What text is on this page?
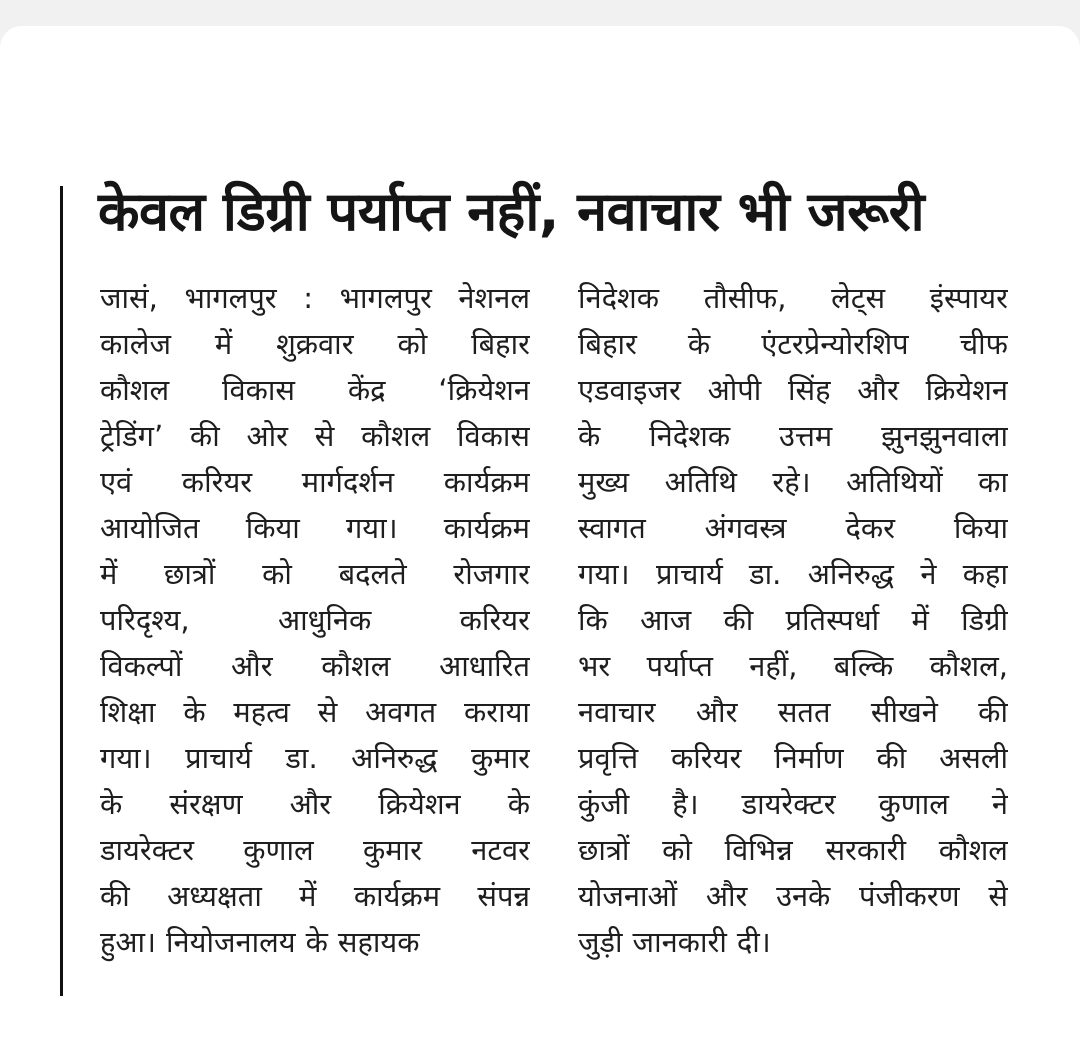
केवल डिग्री पर्याप्त नहीं, नवाचार भी जरूरी
जासं, भागलपुर : भागलपुर नेशनल
कालेज में शुक्रवार को बिहार
कौशल विकास केंद्र ‘क्रियेशन
ट्रेडिंग’ की ओर से कौशल विकास
एवं करियर मार्गदर्शन कार्यक्रम
आयोजित किया गया। कार्यक्रम
में छात्रों को बदलते रोजगार
परिदृश्य,	आधुनिक	करियर
विकल्पों और कौशल आधारित
शिक्षा के महत्व से अवगत कराया
गया। प्राचार्य डा. अनिरुद्ध कुमार
के संरक्षण और क्रियेशन के
डायरेक्टर कुणाल कुमार नटवर
की अध्यक्षता में कार्यक्रम संपन्न
हुआ। नियोजनालय के सहायक
निदेशक तौसीफ, लेट्स इंस्पायर
बिहार के एंटरप्रेन्योरशिप चीफ
एडवाइजर ओपी सिंह और क्रियेशन
के निदेशक उत्तम झुनझुनवाला
मुख्य अतिथि रहे। अतिथियों का
स्वागत अंगवस्त्र देकर किया
गया। प्राचार्य डा. अनिरुद्ध ने कहा
कि आज की प्रतिस्पर्धा में डिग्री
भर पर्याप्त नहीं, बल्कि कौशल,
नवाचार और सतत सीखने की
प्रवृत्ति करियर निर्माण की असली
कुंजी है। डायरेक्टर कुणाल ने
छात्रों को विभिन्न सरकारी कौशल
योजनाओं और उनके पंजीकरण से
जुड़ी जानकारी दी।
